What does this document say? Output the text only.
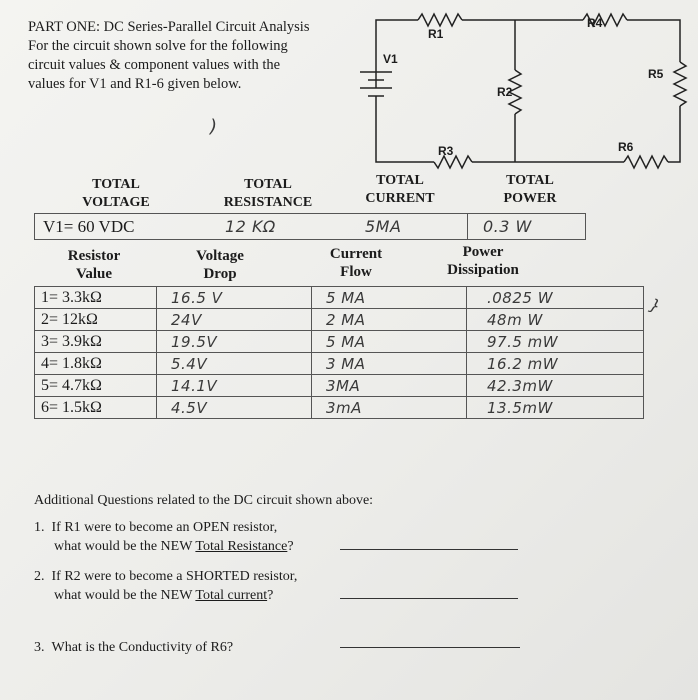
PART ONE: DC Series-Parallel Circuit Analysis
For the circuit shown solve for the following
circuit values & component values with the
values for V1 and R1-6 given below.
)
}
R1
R4
R5
R2
R3	R6
V1
TOTAL
VOLTAGE
TOTAL
RESISTANCE
TOTAL
CURRENT
TOTAL
POWER
V1= 60 VDC	12 KΩ	5MA	0.3 W
Resistor
Value
Voltage
Drop
Current
Flow
Power
Dissipation
1= 3.3kΩ	16.5 V	5 MA	.0825 W
2= 12kΩ	24V	2 MA	48m W
3= 3.9kΩ	19.5V	5 MA	97.5 mW
4= 1.8kΩ	5.4V	3 MA	16.2 mW
5= 4.7kΩ	14.1V	3MA	42.3mW
6= 1.5kΩ	4.5V	3mA	13.5mW
Additional Questions related to the DC circuit shown above:
1. If R1 were to become an OPEN resistor,
what would be the NEW Total Resistance?
2. If R2 were to become a SHORTED resistor,
what would be the NEW Total current?
3. What is the Conductivity of R6?
